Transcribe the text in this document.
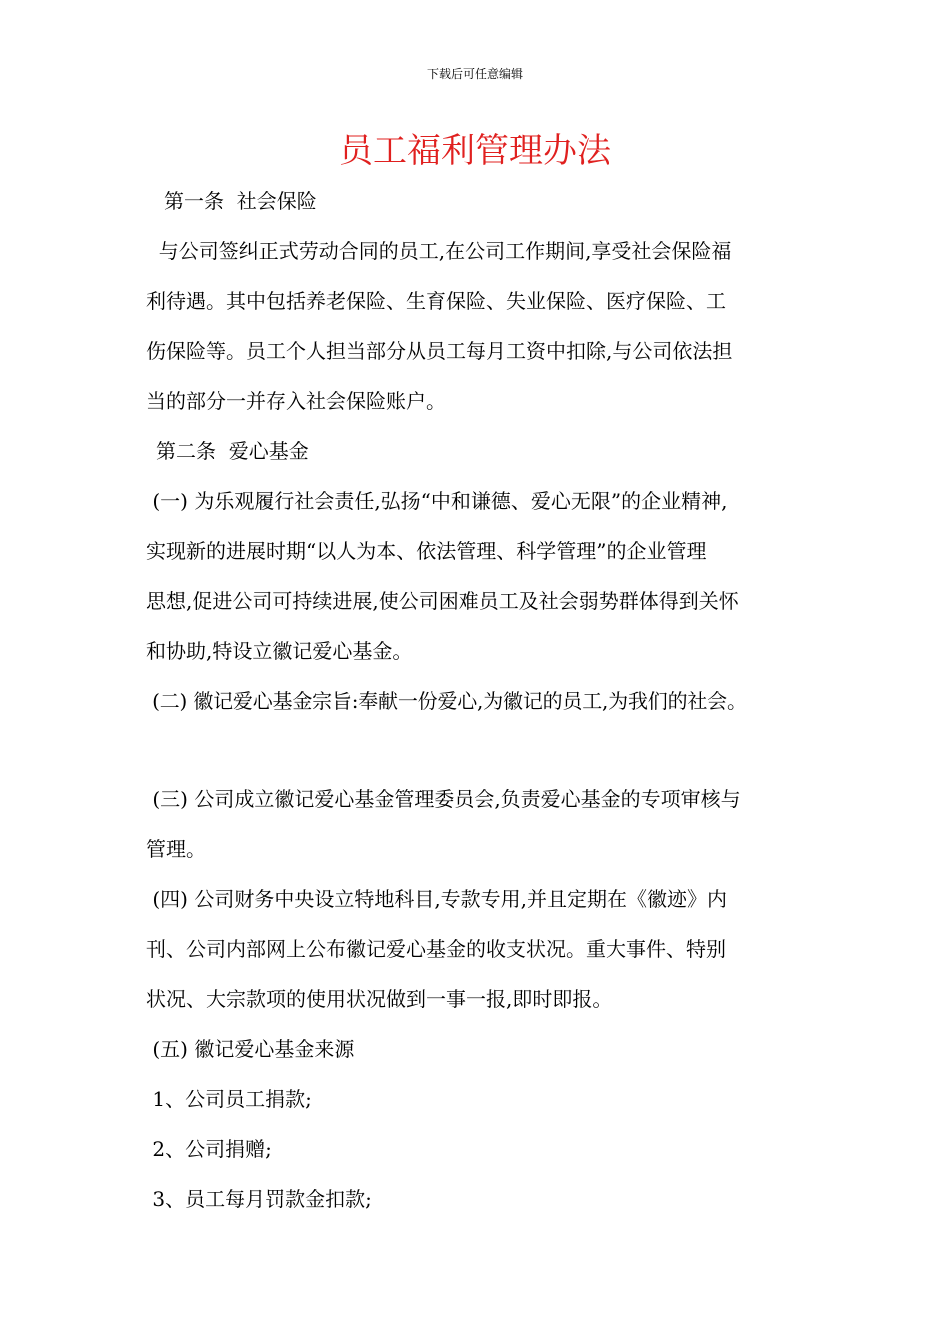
下载后可任意编辑
员工福利管理办法
第一条  社会保险
与公司签纠正式劳动合同的员工,在公司工作期间,享受社会保险福
利待遇。其中包括养老保险、生育保险、失业保险、医疗保险、工
伤保险等。员工个人担当部分从员工每月工资中扣除,与公司依法担
当的部分一并存入社会保险账户。
第二条  爱心基金
(一) 为乐观履行社会责任,弘扬“中和谦德、爱心无限”的企业精神,
实现新的进展时期“以人为本、依法管理、科学管理”的企业管理
思想,促进公司可持续进展,使公司困难员工及社会弱势群体得到关怀
和协助,特设立徽记爱心基金。
(二) 徽记爱心基金宗旨:奉献一份爱心,为徽记的员工,为我们的社会。
(三) 公司成立徽记爱心基金管理委员会,负责爱心基金的专项审核与
管理。
(四) 公司财务中央设立特地科目,专款专用,并且定期在《徽迹》内
刊、公司内部网上公布徽记爱心基金的收支状况。重大事件、特别
状况、大宗款项的使用状况做到一事一报,即时即报。
(五) 徽记爱心基金来源
1、公司员工捐款;
2、公司捐赠;
3、员工每月罚款金扣款;
